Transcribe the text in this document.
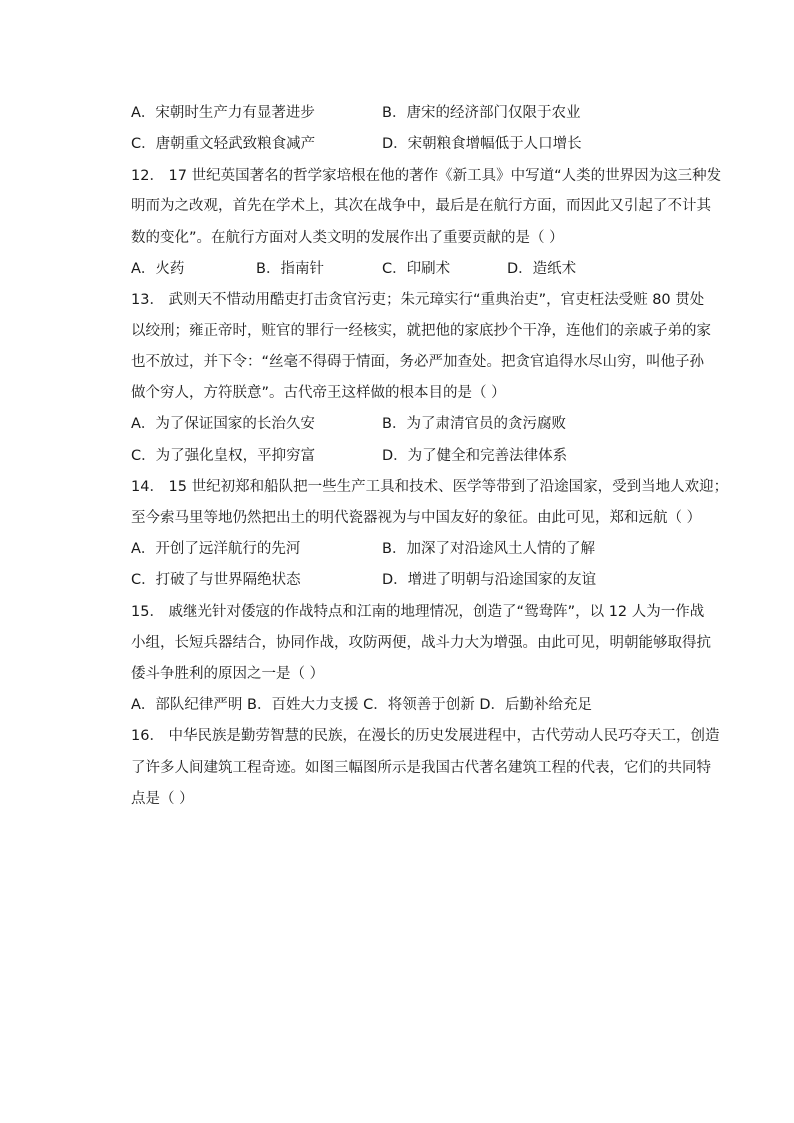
A．宋朝时生产力有显著进步	B．唐宋的经济部门仅限于农业
C．唐朝重文轻武致粮食减产	D．宋朝粮食增幅低于人口增长
12． 17 世纪英国著名的哲学家培根在他的著作《新工具》中写道“人类的世界因为这三种发
明而为之改观，首先在学术上，其次在战争中，最后是在航行方面，而因此又引起了不计其
数的变化”。在航行方面对人类文明的发展作出了重要贡献的是（ ）
A．火药	B．指南针	C．印刷术	D．造纸术
13． 武则天不惜动用酷吏打击贪官污吏；朱元璋实行“重典治吏”，官吏枉法受赃 80 贯处
以绞刑；雍正帝时，赃官的罪行一经核实，就把他的家底抄个干净，连他们的亲戚子弟的家
也不放过，并下令：“丝毫不得碍于情面，务必严加查处。把贪官追得水尽山穷，叫他子孙
做个穷人，方符朕意”。古代帝王这样做的根本目的是（ ）
A．为了保证国家的长治久安	B．为了肃清官员的贪污腐败
C．为了强化皇权，平抑穷富	D．为了健全和完善法律体系
14． 15 世纪初郑和船队把一些生产工具和技术、医学等带到了沿途国家，受到当地人欢迎；
至今索马里等地仍然把出土的明代瓷器视为与中国友好的象征。由此可见，郑和远航（ ）
A．开创了远洋航行的先河	B．加深了对沿途风土人情的了解
C．打破了与世界隔绝状态	D．增进了明朝与沿途国家的友谊
15． 戚继光针对倭寇的作战特点和江南的地理情况，创造了“鸳鸯阵”，以 12 人为一作战
小组，长短兵器结合，协同作战，攻防两便，战斗力大为增强。由此可见，明朝能够取得抗
倭斗争胜利的原因之一是（ ）
A．部队纪律严明 B．百姓大力支援 C．将领善于创新 D．后勤补给充足
16． 中华民族是勤劳智慧的民族，在漫长的历史发展进程中，古代劳动人民巧夺天工，创造
了许多人间建筑工程奇迹。如图三幅图所示是我国古代著名建筑工程的代表，它们的共同特
点是（ ）
